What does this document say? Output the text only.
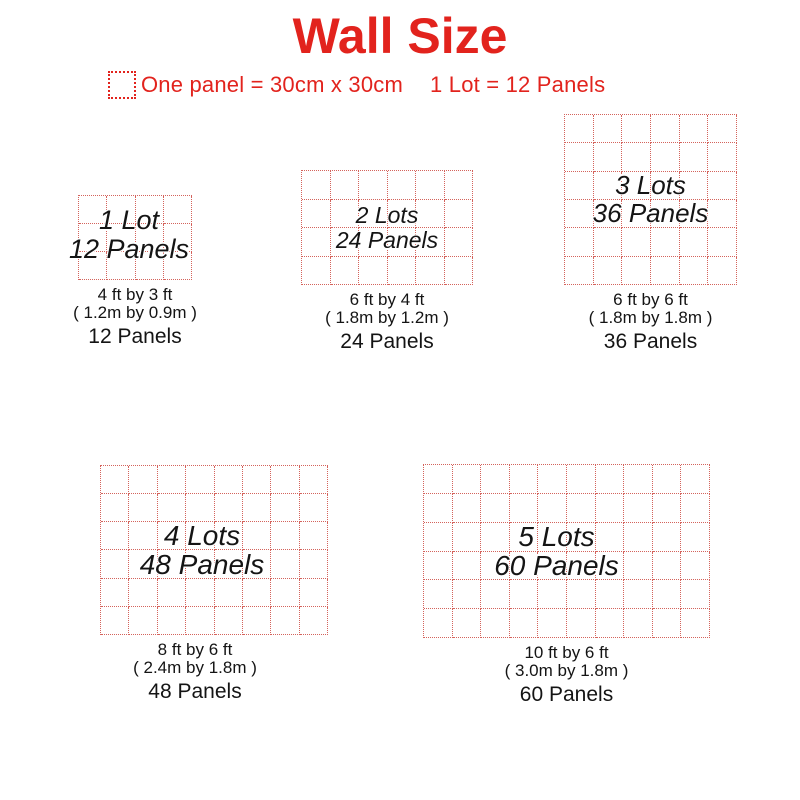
Wall Size
One panel = 30cm x 30cm 1 Lot = 12 Panels
1 Lot
12 Panels
4 ft by 3 ft
( 1.2m by 0.9m )
12 Panels
2 Lots
24 Panels
6 ft by 4 ft
( 1.8m by 1.2m )
24 Panels
3 Lots
36 Panels
6 ft by 6 ft
( 1.8m by 1.8m )
36 Panels
4 Lots
48 Panels
8 ft by 6 ft
( 2.4m by 1.8m )
48 Panels
5 Lots
60 Panels
10 ft by 6 ft
( 3.0m by 1.8m )
60 Panels
